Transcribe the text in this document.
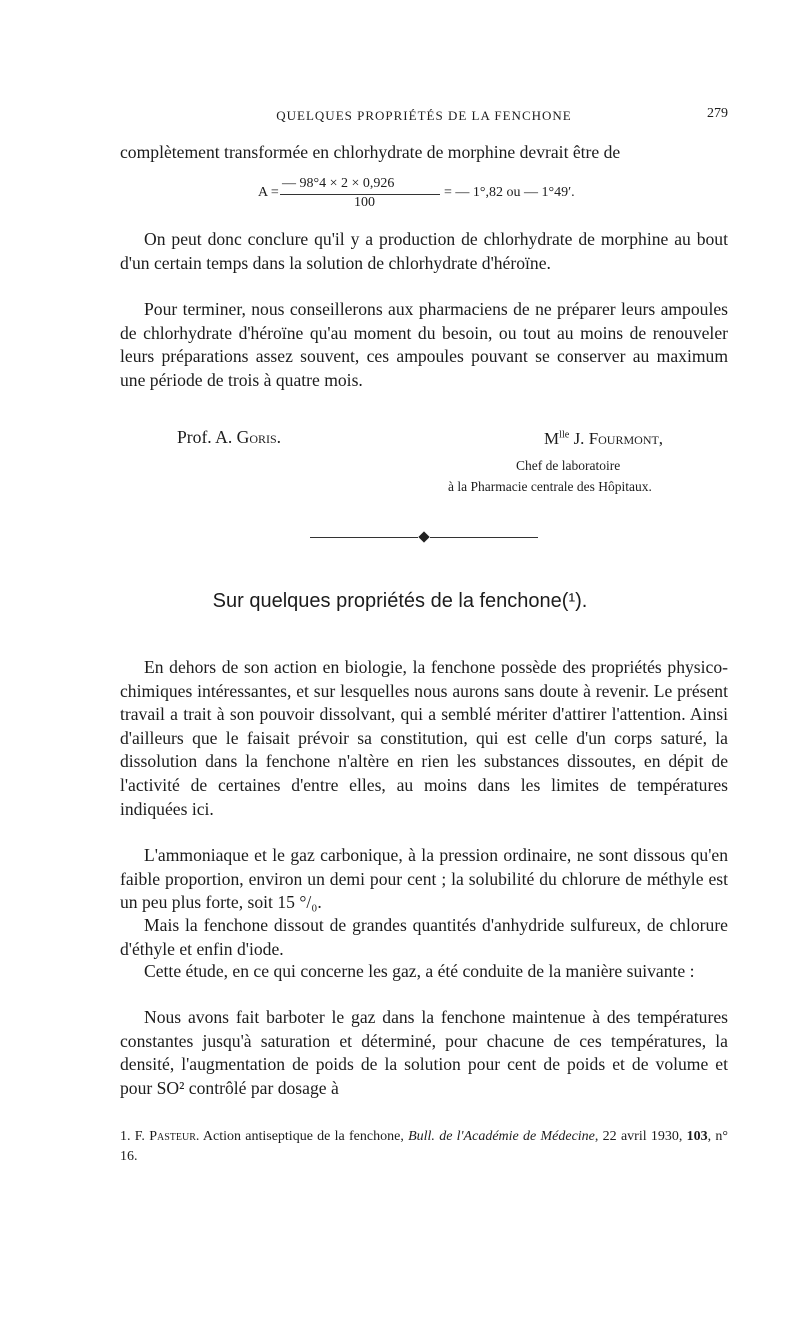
QUELQUES PROPRIÉTÉS DE LA FENCHONE	279

complètement transformée en chlorhydrate de morphine devrait être de

A =
— 98°4 × 2 × 0,926
100
= — 1°,82 ou — 1°49′.

On peut donc conclure qu'il y a production de chlorhydrate de morphine au bout d'un certain temps dans la solution de chlorhydrate d'héroïne.

Pour terminer, nous conseillerons aux pharmaciens de ne préparer leurs ampoules de chlorhydrate d'héroïne qu'au moment du besoin, ou tout au moins de renouveler leurs préparations assez souvent, ces ampoules pouvant se conserver au maximum une période de trois à quatre mois.

Prof. A. Goris.	$M^{lle}$ J. Fourmont,
Chef de laboratoire
à la Pharmacie centrale des Hôpitaux.
Sur quelques propriétés de la fenchone(¹).

En dehors de son action en biologie, la fenchone possède des propriétés physico-chimiques intéressantes, et sur lesquelles nous aurons sans doute à revenir. Le présent travail a trait à son pouvoir dissolvant, qui a semblé mériter d'attirer l'attention. Ainsi d'ailleurs que le faisait prévoir sa constitution, qui est celle d'un corps saturé, la dissolution dans la fenchone n'altère en rien les substances dissoutes, en dépit de l'activité de certaines d'entre elles, au moins dans les limites de températures indiquées ici.

L'ammoniaque et le gaz carbonique, à la pression ordinaire, ne sont dissous qu'en faible proportion, environ un demi pour cent ; la solubilité du chlorure de méthyle est un peu plus forte, soit 15 °/₀.

Mais la fenchone dissout de grandes quantités d'anhydride sulfureux, de chlorure d'éthyle et enfin d'iode.

Cette étude, en ce qui concerne les gaz, a été conduite de la manière suivante :

Nous avons fait barboter le gaz dans la fenchone maintenue à des températures constantes jusqu'à saturation et déterminé, pour chacune de ces températures, la densité, l'augmentation de poids de la solution pour cent de poids et de volume et pour SO² contrôlé par dosage à

1. F. Pasteur. Action antiseptique de la fenchone, Bull. de l'Académie de Médecine, 22 avril 1930, 103, n° 16.
